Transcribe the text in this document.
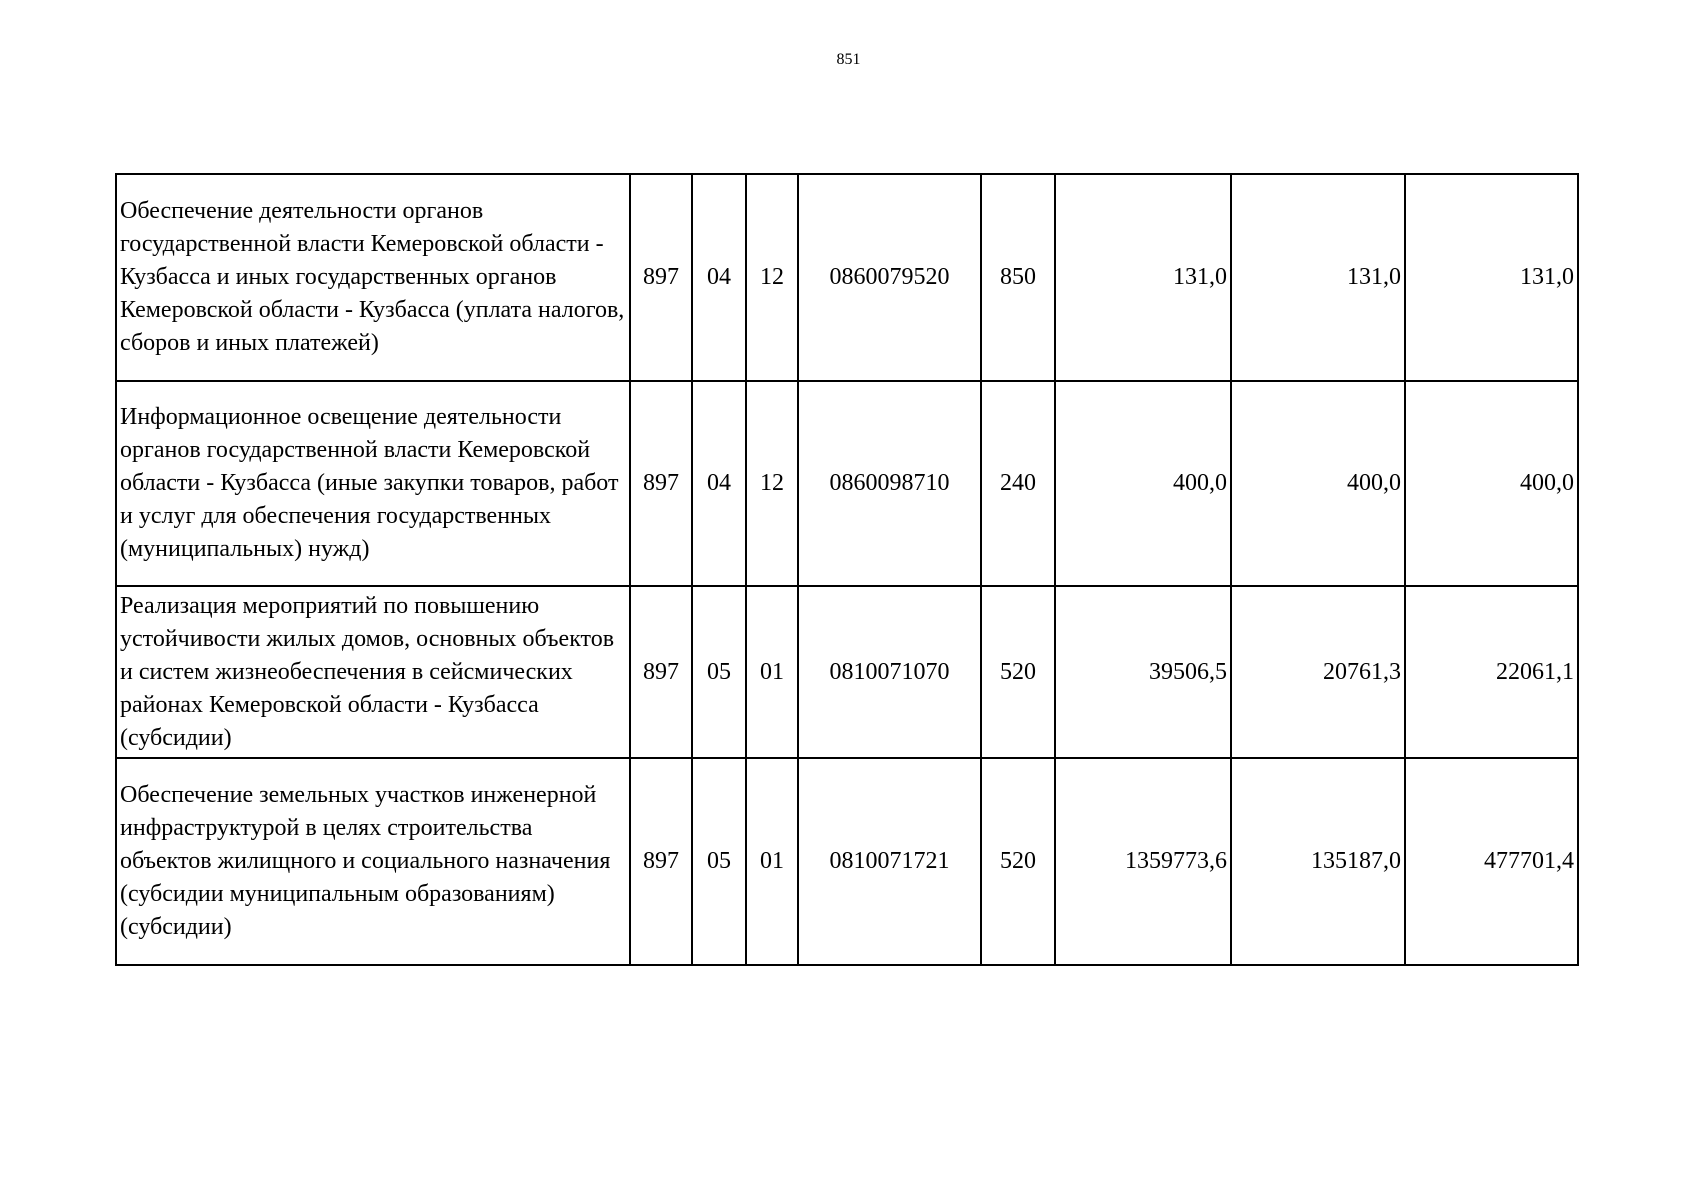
851
Обеспечение деятельности органов государственной власти Кемеровской области - Кузбасса и иных государственных органов Кемеровской области - Кузбасса (уплата налогов, сборов и иных платежей)	897	04	12	0860079520	850	131,0	131,0	131,0
Информационное освещение деятельности органов государственной власти Кемеровской области - Кузбасса (иные закупки товаров, работ и услуг для обеспечения государственных (муниципальных) нужд)	897	04	12	0860098710	240	400,0	400,0	400,0
Реализация мероприятий по повышению устойчивости жилых домов, основных объектов и систем жизнеобеспечения в сейсмических районах Кемеровской области - Кузбасса (субсидии)	897	05	01	0810071070	520	39506,5	20761,3	22061,1
Обеспечение земельных участков инженерной инфраструктурой в целях строительства объектов жилищного и социального назначения (субсидии муниципальным образованиям) (субсидии)	897	05	01	0810071721	520	1359773,6	135187,0	477701,4
